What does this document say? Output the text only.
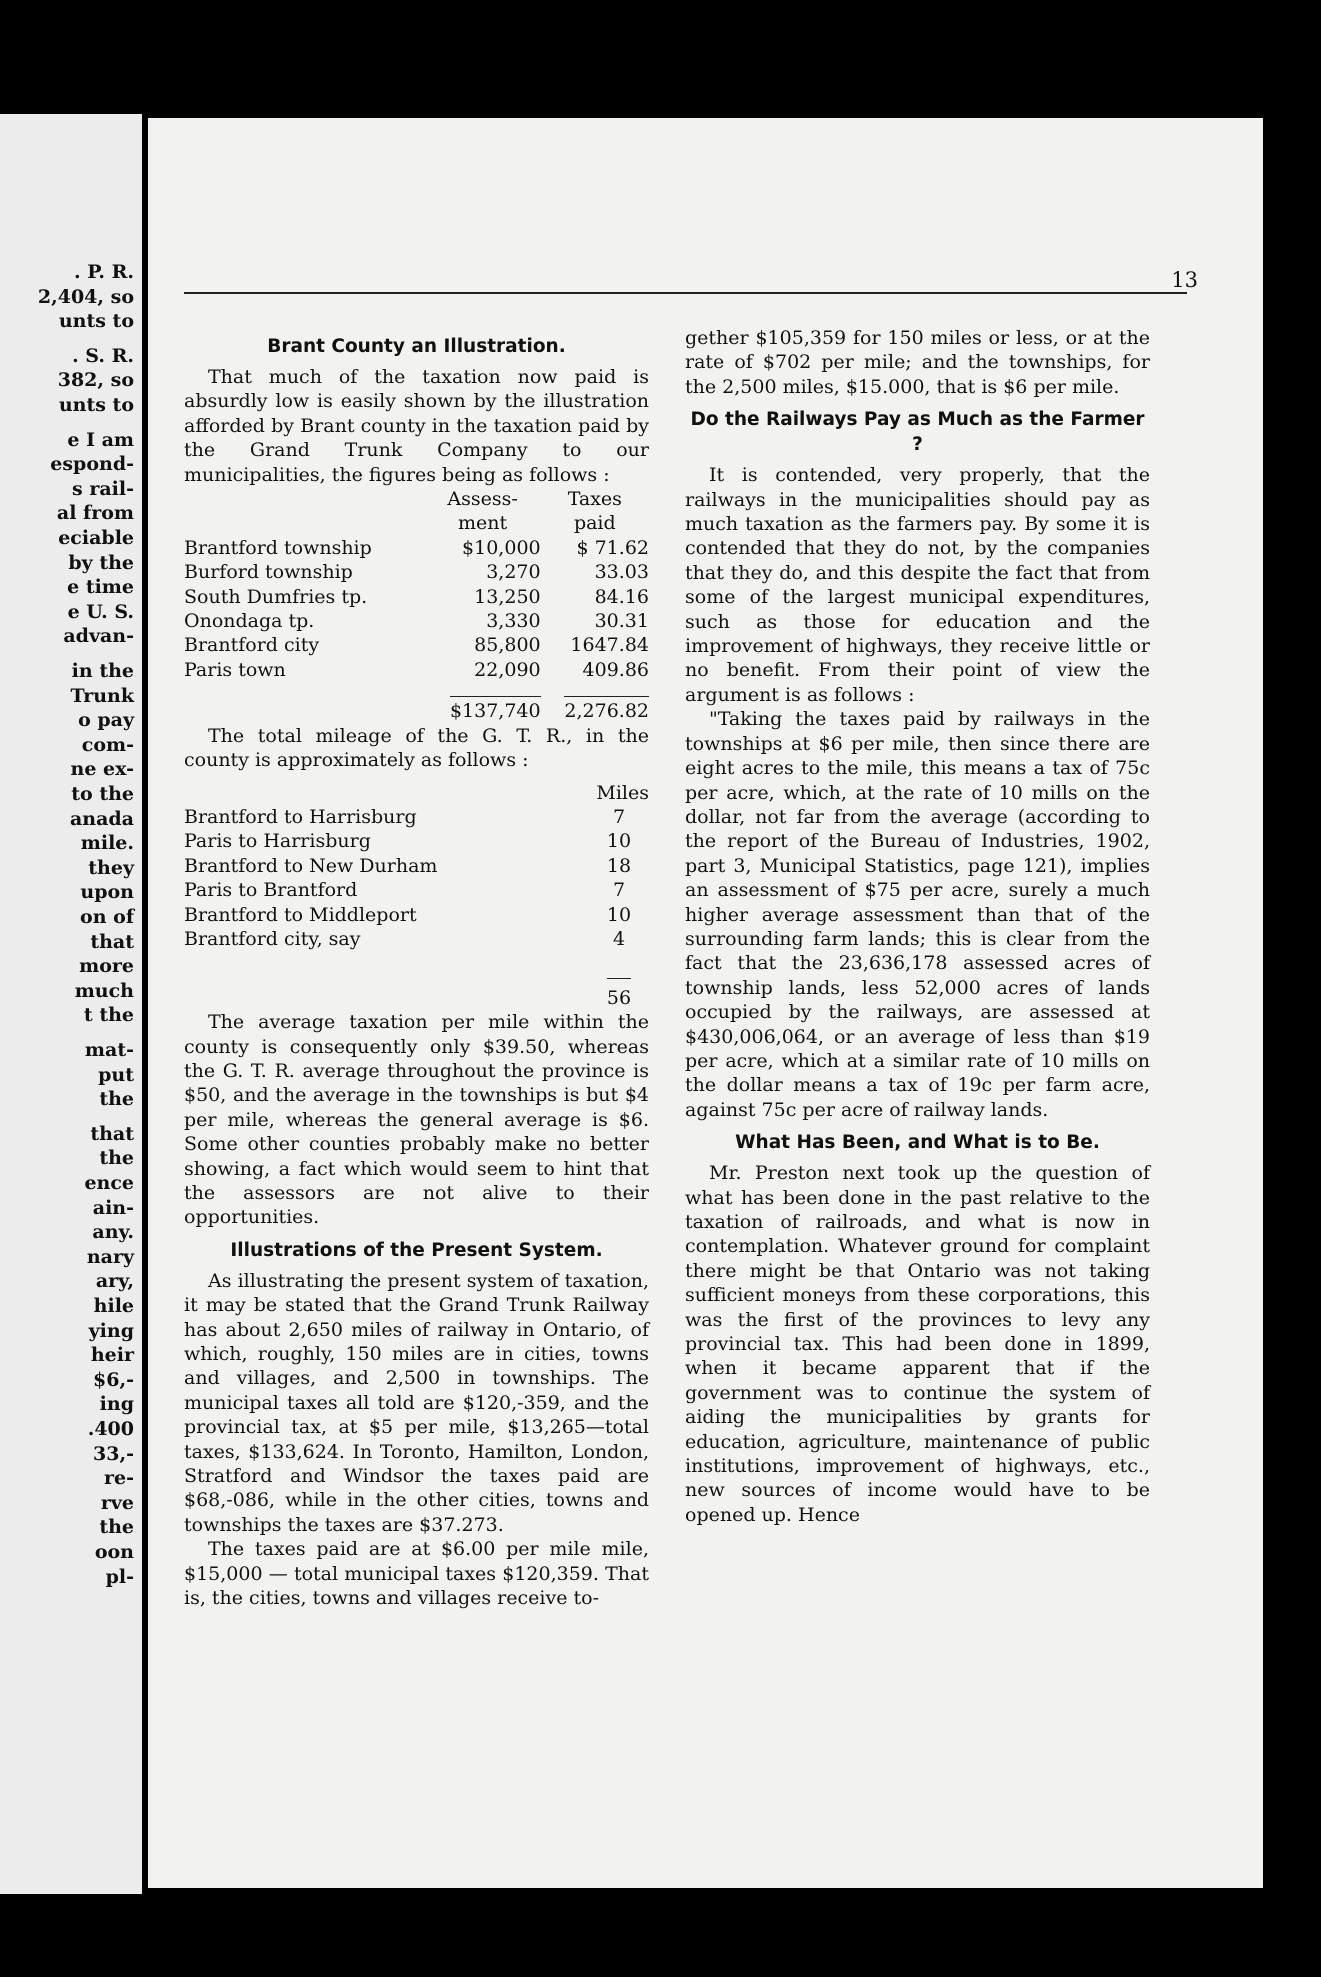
. P. R.
2,404, so
unts to
. S. R.
382, so
unts to
e I am
espond-
s rail-
al from
eciable
by the
e time
e U. S.
advan-
in the
Trunk
o pay
com-
ne ex-
to the
anada
mile.
they
upon
on of
that
more
much
t the
mat-
put
the
that
the
ence
ain-
any.
nary
ary,
hile
ying
heir
$6,-
ing
.400
33,-
re-
rve
the
oon
pl-
13
Brant County an Illustration.

That much of the taxation now paid is absurdly low is easily shown by the illustration afforded by Brant county in the taxation paid by the Grand Trunk Company to our municipalities, the figures being as follows :

	Assess-	Taxes
	ment	paid
Brantford township	$10,000	$ 71.62
Burford township	3,270	33.03
South Dumfries tp.	13,250	84.16
Onondaga tp.	3,330	30.31
Brantford city	85,800	1647.84
Paris town	22,090	409.86
	$137,740	2,276.82

The total mileage of the G. T. R., in the county is approximately as follows :

	Miles
Brantford to Harrisburg	7
Paris to Harrisburg	10
Brantford to New Durham	18
Paris to Brantford	7
Brantford to Middleport	10
Brantford city, say	4

	56

The average taxation per mile within the county is consequently only $39.50, whereas the G. T. R. average throughout the province is $50, and the average in the townships is but $4 per mile, whereas the general average is $6. Some other counties probably make no better showing, a fact which would seem to hint that the assessors are not alive to their opportunities.

Illustrations of the Present System.

As illustrating the present system of taxation, it may be stated that the Grand Trunk Railway has about 2,650 miles of railway in Ontario, of which, roughly, 150 miles are in cities, towns and villages, and 2,500 in townships. The municipal taxes all told are $120,-359, and the provincial tax, at $5 per mile, $13,265—total taxes, $133,624. In Toronto, Hamilton, London, Stratford and Windsor the taxes paid are $68,-086, while in the other cities, towns and townships the taxes are $37.273.

The taxes paid are at $6.00 per mile mile, $15,000 — total municipal taxes $120,359. That is, the cities, towns and villages receive to-

gether $105,359 for 150 miles or less, or at the rate of $702 per mile; and the townships, for the 2,500 miles, $15.000, that is $6 per mile.

Do the Railways Pay as Much as the Farmer ?

It is contended, very properly, that the railways in the municipalities should pay as much taxation as the farmers pay. By some it is contended that they do not, by the companies that they do, and this despite the fact that from some of the largest municipal expenditures, such as those for education and the improvement of highways, they receive little or no benefit. From their point of view the argument is as follows :

"Taking the taxes paid by railways in the townships at $6 per mile, then since there are eight acres to the mile, this means a tax of 75c per acre, which, at the rate of 10 mills on the dollar, not far from the average (according to the report of the Bureau of Industries, 1902, part 3, Municipal Statistics, page 121), implies an assessment of $75 per acre, surely a much higher average assessment than that of the surrounding farm lands; this is clear from the fact that the 23,636,178 assessed acres of township lands, less 52,000 acres of lands occupied by the railways, are assessed at $430,006,064, or an average of less than $19 per acre, which at a similar rate of 10 mills on the dollar means a tax of 19c per farm acre, against 75c per acre of railway lands.

What Has Been, and What is to Be.

Mr. Preston next took up the question of what has been done in the past relative to the taxation of railroads, and what is now in contemplation. Whatever ground for complaint there might be that Ontario was not taking sufficient moneys from these corporations, this was the first of the provinces to levy any provincial tax. This had been done in 1899, when it became apparent that if the government was to continue the system of aiding the municipalities by grants for education, agriculture, maintenance of public institutions, improvement of highways, etc., new sources of income would have to be opened up. Hence
